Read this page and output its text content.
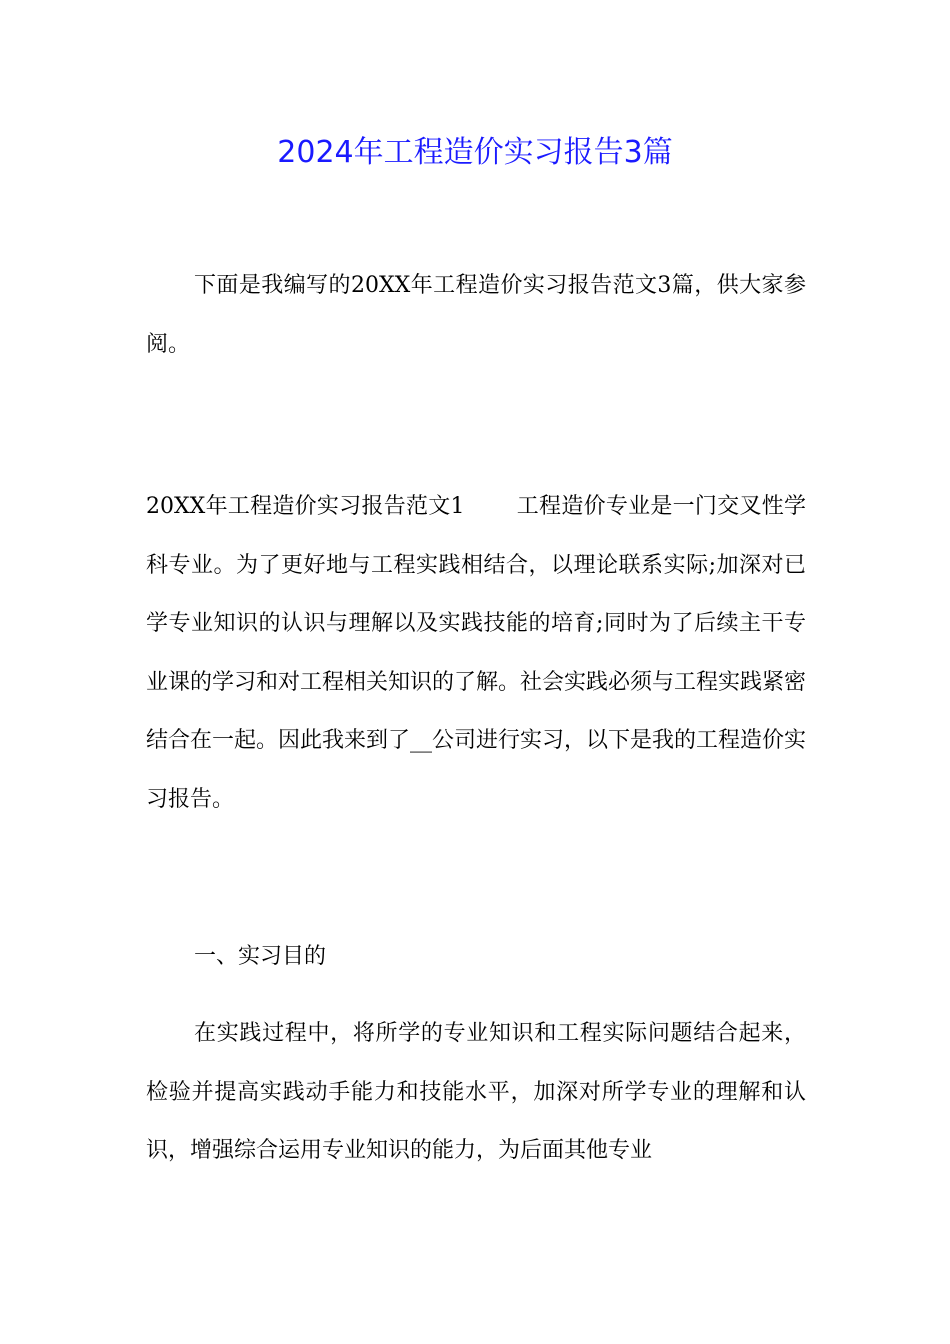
2024年工程造价实习报告3篇

下面是我编写的20XX年工程造价实习报告范文3篇，供大家参阅。

20XX年工程造价实习报告范文1 工程造价专业是一门交叉性学科专业。为了更好地与工程实践相结合，以理论联系实际;加深对已学专业知识的认识与理解以及实践技能的培育;同时为了后续主干专业课的学习和对工程相关知识的了解。社会实践必须与工程实践紧密结合在一起。因此我来到了__公司进行实习，以下是我的工程造价实习报告。

一、实习目的

在实践过程中，将所学的专业知识和工程实际问题结合起来，检验并提高实践动手能力和技能水平，加深对所学专业的理解和认识，增强综合运用专业知识的能力，为后面其他专业
